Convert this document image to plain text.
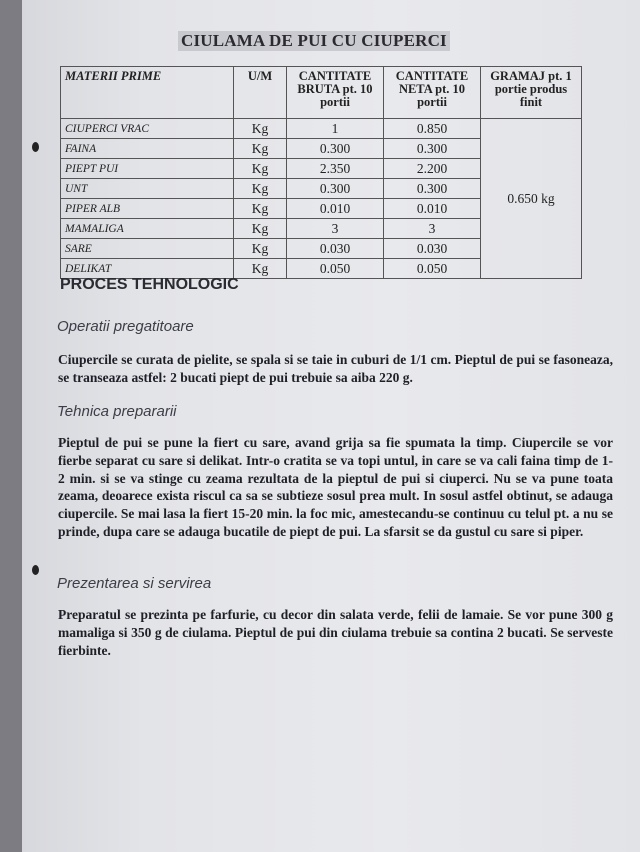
CIULAMA DE PUI CU CIUPERCI
MATERII PRIME	U/M	CANTITATE BRUTA pt. 10 portii	CANTITATE NETA pt. 10 portii	GRAMAJ pt. 1 portie produs finit
CIUPERCI VRAC	Kg	1	0.850	0.650 kg
FAINA	Kg	0.300	0.300	
PIEPT PUI	Kg	2.350	2.200	
UNT	Kg	0.300	0.300	
PIPER ALB	Kg	0.010	0.010	
MAMALIGA	Kg	3	3	
SARE	Kg	0.030	0.030	
DELIKAT	Kg	0.050	0.050	
PROCES TEHNOLOGIC
Operatii pregatitoare
Ciupercile se curata de pielite, se spala si se taie in cuburi de 1/1 cm. Pieptul de pui se fasoneaza, se transeaza astfel: 2 bucati piept de pui trebuie sa aiba 220 g.
Tehnica prepararii
Pieptul de pui se pune la fiert cu sare, avand grija sa fie spumata la timp. Ciupercile se vor fierbe separat cu sare si delikat. Intr-o cratita se va topi untul, in care se va cali faina timp de 1-2 min. si se va stinge cu zeama rezultata de la pieptul de pui si ciuperci. Nu se va pune toata zeama, deoarece exista riscul ca sa se subtieze sosul prea mult. In sosul astfel obtinut, se adauga ciupercile. Se mai lasa la fiert 15-20 min. la foc mic, amestecandu-se continuu cu telul pt. a nu se prinde, dupa care se adauga bucatile de piept de pui. La sfarsit se da gustul cu sare si piper.
Prezentarea si servirea
Preparatul se prezinta pe farfurie, cu decor din salata verde, felii de lamaie. Se vor pune 300 g mamaliga si 350 g de ciulama. Pieptul de pui din ciulama trebuie sa contina 2 bucati. Se serveste fierbinte.
